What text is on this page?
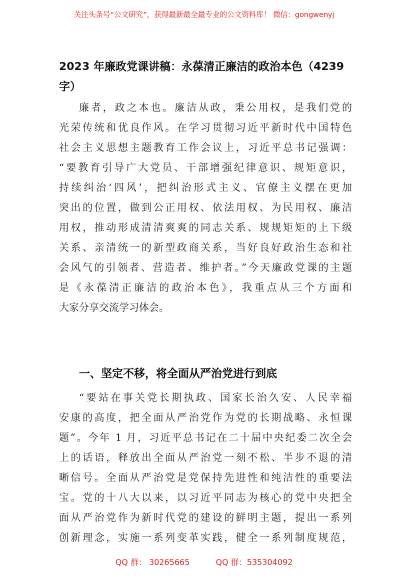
关注头条号“公文研究”，获得最新最全最专业的公文资料库！ 微信：gongwenyj
2023 年廉政党课讲稿：永葆清正廉洁的政治本色（4239
字）
廉者，政之本也。廉洁从政，秉公用权，是我们党的
光荣传统和优良作风。在学习贯彻习近平新时代中国特色
社会主义思想主题教育工作会议上，习近平总书记强调：
“要教育引导广大党员、干部增强纪律意识、规矩意识，
持续纠治‘四风’，把纠治形式主义、官僚主义摆在更加
突出的位置，做到公正用权、依法用权、为民用权、廉洁
用权，推动形成清清爽爽的同志关系、规规矩矩的上下级
关系、亲清统一的新型政商关系，当好良好政治生态和社
会风气的引领者、营造者、维护者。”今天廉政党课的主题
是《永葆清正廉洁的政治本色》，我重点从三个方面和
大家分享交流学习体会。
一、坚定不移，将全面从严治党进行到底
“要站在事关党长期执政、国家长治久安、人民幸福
安康的高度，把全面从严治党作为党的长期战略、永恒课
题”。今年 1 月，习近平总书记在二十届中央纪委二次全会
上的话语，释放出全面从严治党一刻不松、半步不退的清
晰信号。全面从严治党是党保持先进性和纯洁性的重要法
宝。党的十八大以来，以习近平同志为核心的党中央把全
面从严治党作为新时代党的建设的鲜明主题，提出一系列
创新理念，实施一系列变革实践，健全一系列制度规范，
QQ 群： 30265665	QQ 群：535304092
